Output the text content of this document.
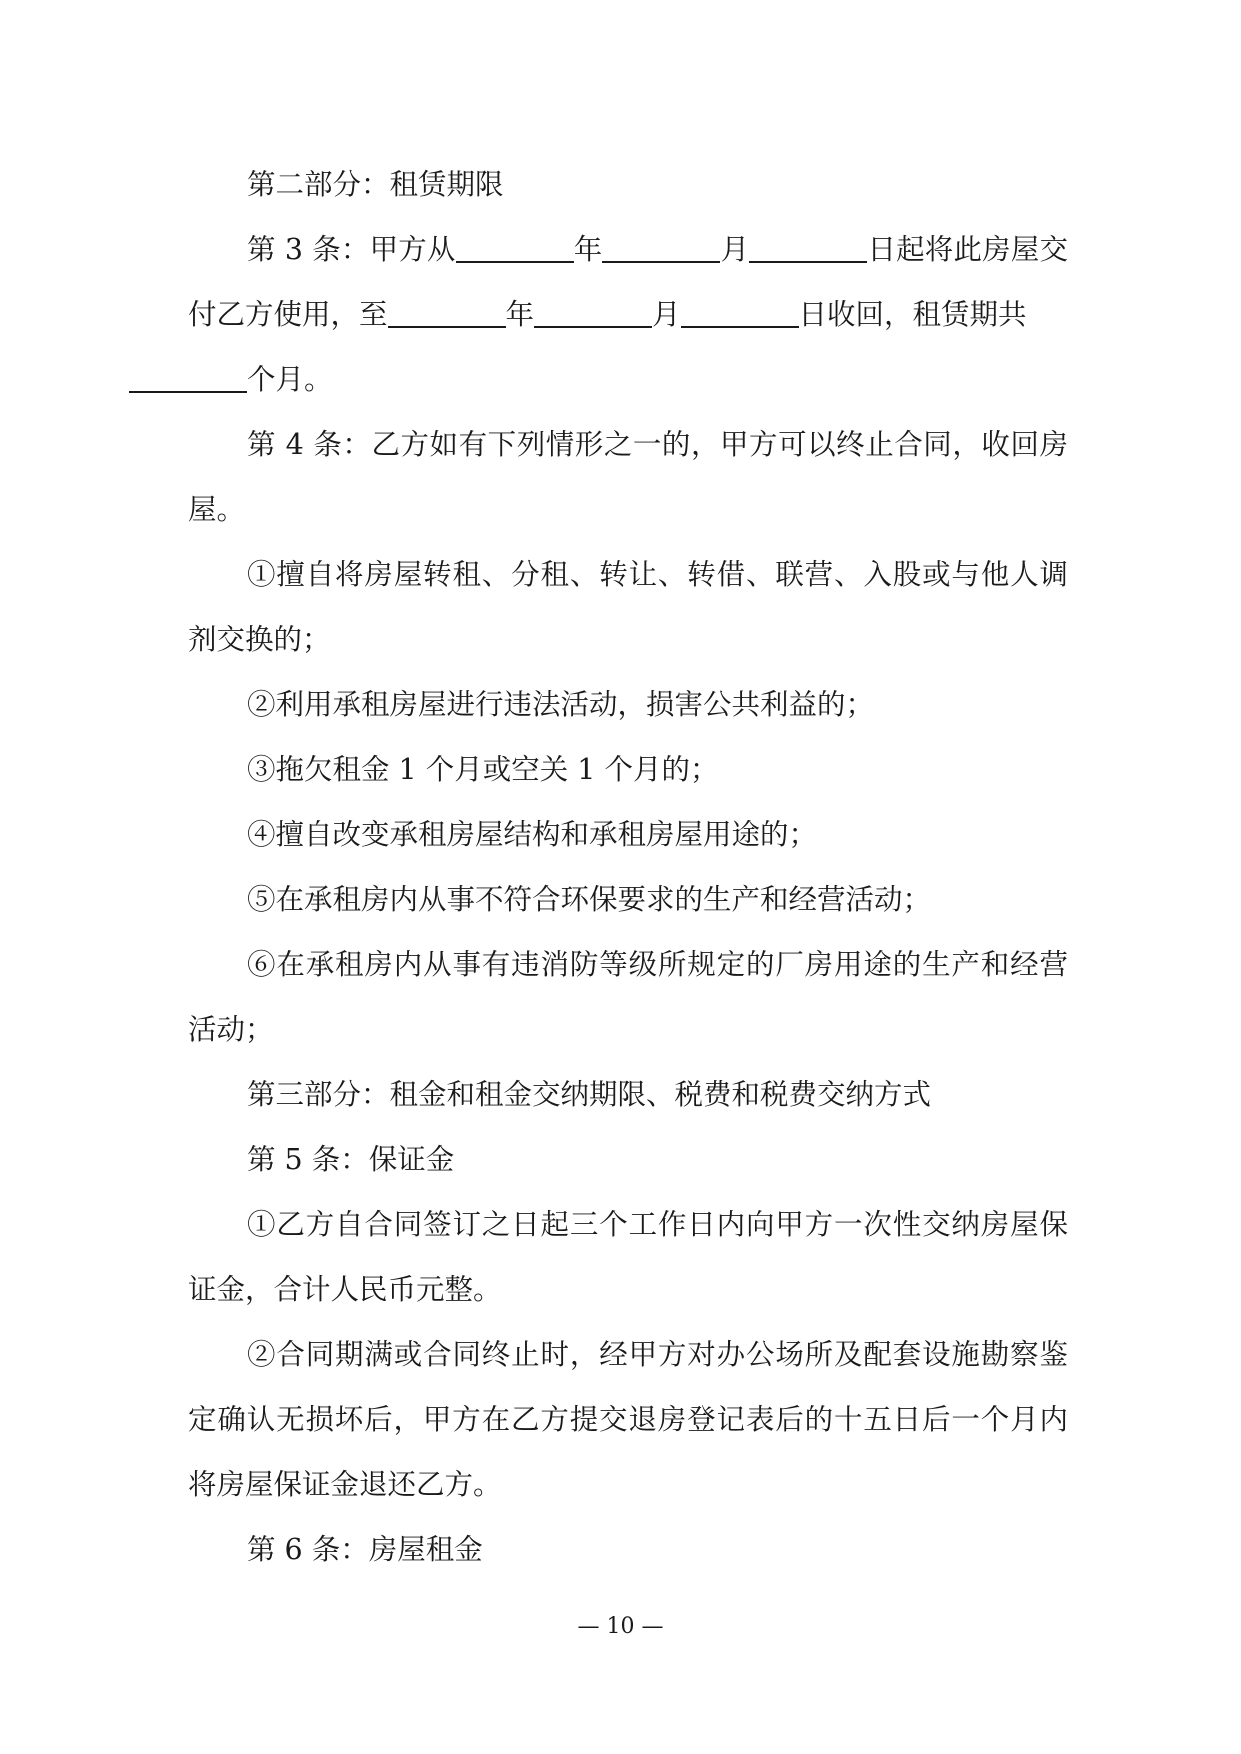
第二部分：租赁期限

第 3 条：甲方从	年	月	日起将此房屋交付乙方使用，至	年	月	日收回，租赁期共
个月。

第 4 条：乙方如有下列情形之一的，甲方可以终止合同，收回房屋。

①擅自将房屋转租、分租、转让、转借、联营、入股或与他人调剂交换的；

②利用承租房屋进行违法活动，损害公共利益的；

③拖欠租金 1 个月或空关 1 个月的；

④擅自改变承租房屋结构和承租房屋用途的；

⑤在承租房内从事不符合环保要求的生产和经营活动；

⑥在承租房内从事有违消防等级所规定的厂房用途的生产和经营活动；

第三部分：租金和租金交纳期限、税费和税费交纳方式

第 5 条：保证金

①乙方自合同签订之日起三个工作日内向甲方一次性交纳房屋保证金，合计人民币元整。

②合同期满或合同终止时，经甲方对办公场所及配套设施勘察鉴定确认无损坏后，甲方在乙方提交退房登记表后的十五日后一个月内将房屋保证金退还乙方。

第 6 条：房屋租金

— 10 —
